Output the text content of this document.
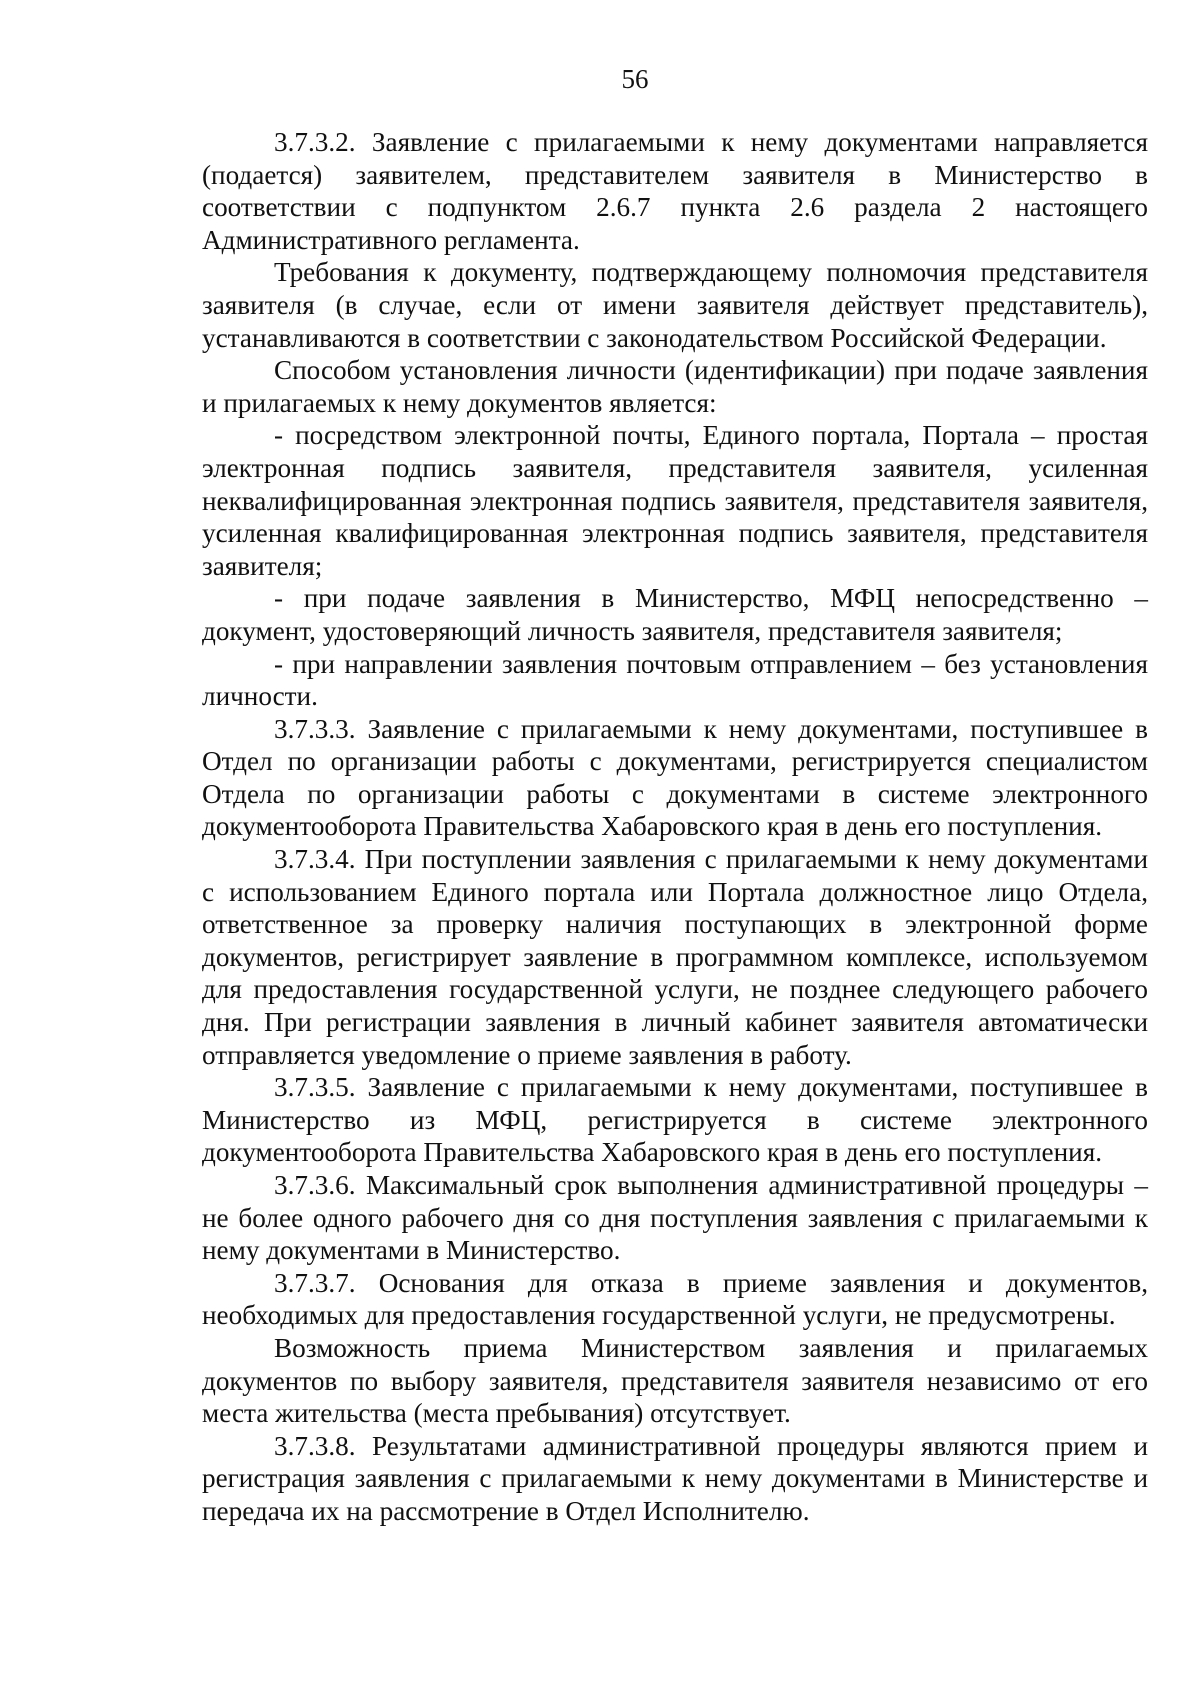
56

3.7.3.2. Заявление с прилагаемыми к нему документами направляется (подается) заявителем, представителем заявителя в Министерство в соответствии с подпунктом 2.6.7 пункта 2.6 раздела 2 настоящего Административного регламента.

Требования к документу, подтверждающему полномочия представителя заявителя (в случае, если от имени заявителя действует представитель), устанавливаются в соответствии с законодательством Российской Федерации.

Способом установления личности (идентификации) при подаче заявления и прилагаемых к нему документов является:

- посредством электронной почты, Единого портала, Портала – простая электронная подпись заявителя, представителя заявителя, усиленная неквалифицированная электронная подпись заявителя, представителя заявителя, усиленная квалифицированная электронная подпись заявителя, представителя заявителя;

- при подаче заявления в Министерство, МФЦ непосредственно – документ, удостоверяющий личность заявителя, представителя заявителя;

- при направлении заявления почтовым отправлением – без установления личности.

3.7.3.3. Заявление с прилагаемыми к нему документами, поступившее в Отдел по организации работы с документами, регистрируется специалистом Отдела по организации работы с документами в системе электронного документооборота Правительства Хабаровского края в день его поступления.

3.7.3.4. При поступлении заявления с прилагаемыми к нему документами с использованием Единого портала или Портала должностное лицо Отдела, ответственное за проверку наличия поступающих в электронной форме документов, регистрирует заявление в программном комплексе, используемом для предоставления государственной услуги, не позднее следующего рабочего дня. При регистрации заявления в личный кабинет заявителя автоматически отправляется уведомление о приеме заявления в работу.

3.7.3.5. Заявление с прилагаемыми к нему документами, поступившее в Министерство из МФЦ, регистрируется в системе электронного документооборота Правительства Хабаровского края в день его поступления.

3.7.3.6. Максимальный срок выполнения административной процедуры – не более одного рабочего дня со дня поступления заявления с прилагаемыми к нему документами в Министерство.

3.7.3.7. Основания для отказа в приеме заявления и документов, необходимых для предоставления государственной услуги, не предусмотрены.

Возможность приема Министерством заявления и прилагаемых документов по выбору заявителя, представителя заявителя независимо от его места жительства (места пребывания) отсутствует.

3.7.3.8. Результатами административной процедуры являются прием и регистрация заявления с прилагаемыми к нему документами в Министерстве и передача их на рассмотрение в Отдел Исполнителю.
